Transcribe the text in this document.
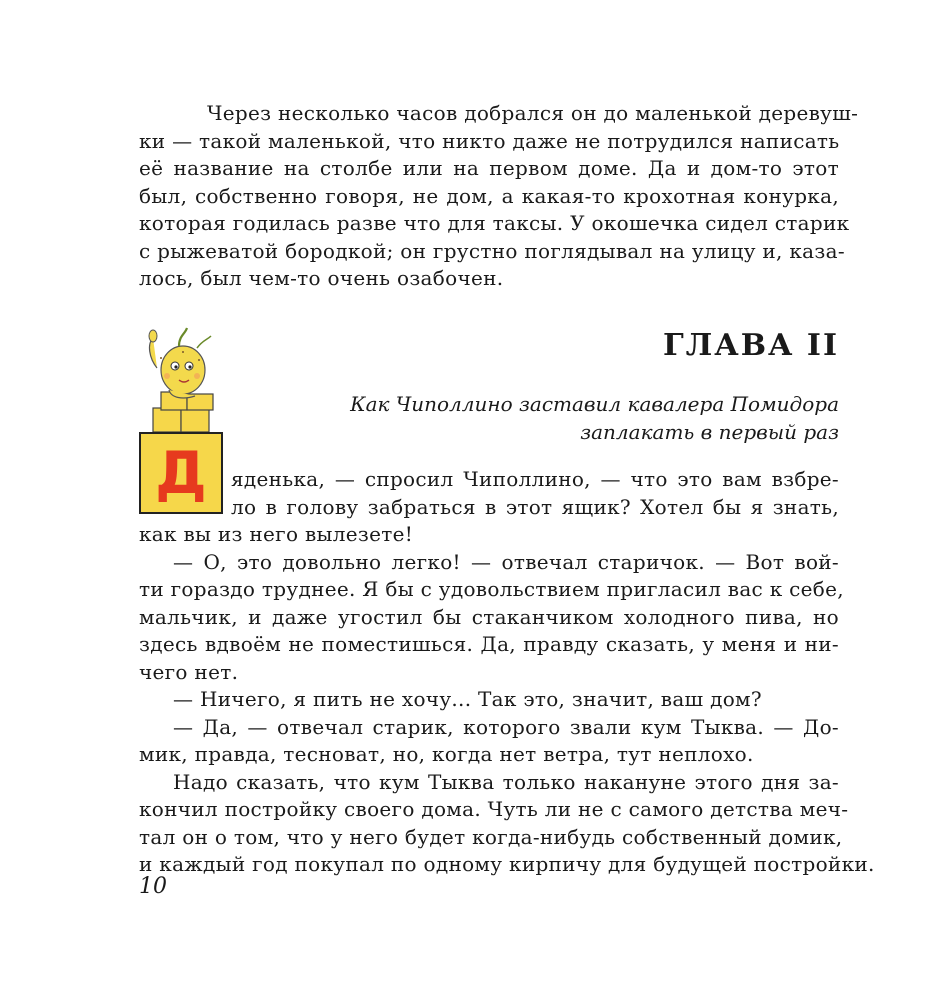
Через несколько часов добрался он до маленькой деревуш-
ки — такой маленькой, что никто даже не потрудился написать
её название на столбе или на первом доме. Да и дом-то этот
был, собственно говоря, не дом, а какая-то крохотная конурка,
которая годилась разве что для таксы. У окошечка сидел старик
с рыжеватой бородкой; он грустно поглядывал на улицу и, каза-
лось, был чем-то очень озабочен.
Д
ГЛАВА II
Как Чиполлино заставил кавалера Помидора
заплакать в первый раз
яденька, — спросил Чиполлино, — что это вам взбре-
ло в голову забраться в этот ящик? Хотел бы я знать,
как вы из него вылезете!
— О, это довольно легко! — отвечал старичок. — Вот вой-
ти гораздо труднее. Я бы с удовольствием пригласил вас к себе,
мальчик, и даже угостил бы стаканчиком холодного пива, но
здесь вдвоём не поместишься. Да, правду сказать, у меня и ни-
чего нет.
— Ничего, я пить не хочу... Так это, значит, ваш дом?
— Да, — отвечал старик, которого звали кум Тыква. — До-
мик, правда, тесноват, но, когда нет ветра, тут неплохо.
Надо сказать, что кум Тыква только накануне этого дня за-
кончил постройку своего дома. Чуть ли не с самого детства меч-
тал он о том, что у него будет когда-нибудь собственный домик,
и каждый год покупал по одному кирпичу для будущей постройки.

10
